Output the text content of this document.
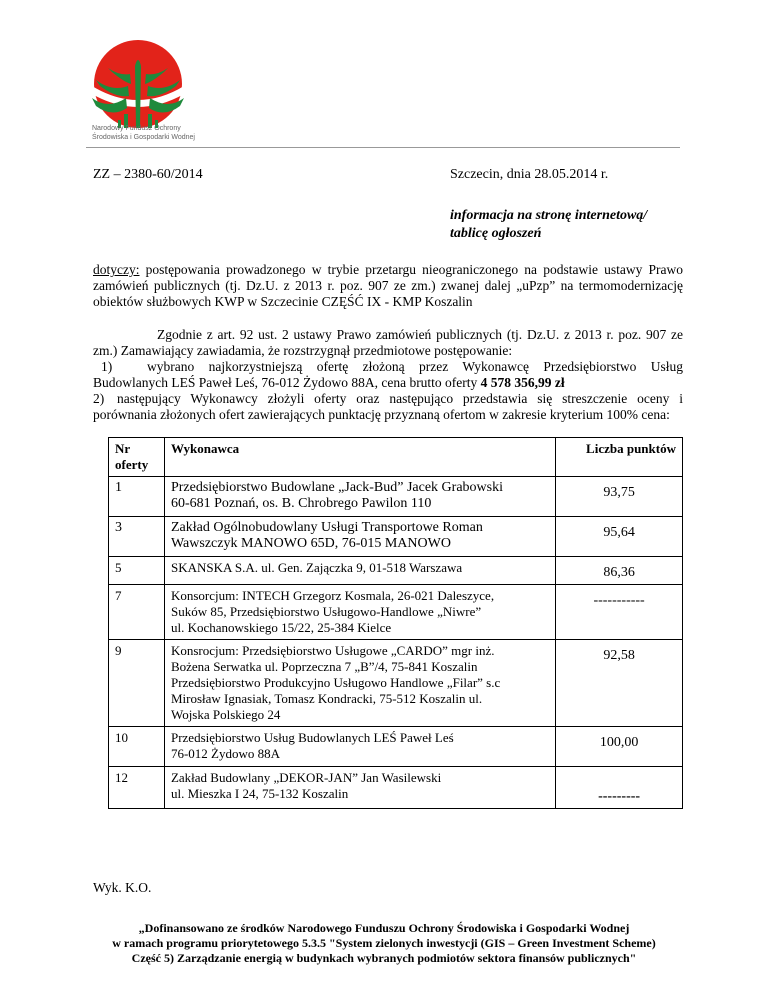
Narodowy Fundusz Ochrony
Środowiska i Gospodarki Wodnej
ZZ – 2380-60/2014	Szczecin, dnia 28.05.2014 r.
informacja na stronę internetową/
tablicę ogłoszeń
dotyczy: postępowania prowadzonego w trybie przetargu nieograniczonego na podstawie ustawy Prawo zamówień publicznych (tj. Dz.U. z 2013 r. poz. 907 ze zm.) zwanej dalej „uPzp” na termomodernizację obiektów służbowych KWP w Szczecinie CZĘŚĆ IX - KMP Koszalin
Zgodnie z art. 92 ust. 2 ustawy Prawo zamówień publicznych (tj. Dz.U. z 2013 r. poz. 907 ze zm.) Zamawiający zawiadamia, że rozstrzygnął przedmiotowe postępowanie:
1)	wybrano najkorzystniejszą ofertę złożoną przez Wykonawcę Przedsiębiorstwo Usług Budowlanych LEŚ Paweł Leś, 76-012 Żydowo 88A, cena brutto oferty 4 578 356,99 zł
2) następujący Wykonawcy złożyli oferty oraz następująco przedstawia się streszczenie oceny i porównania złożonych ofert zawierających punktację przyznaną ofertom w zakresie kryterium 100% cena:
Nr oferty	Wykonawca	Liczba punktów
1	Przedsiębiorstwo Budowlane „Jack-Bud” Jacek Grabowski
60-681 Poznań, os. B. Chrobrego Pawilon 110	93,75
3	Zakład Ogólnobudowlany Usługi Transportowe Roman
Wawszczyk MANOWO 65D, 76-015 MANOWO	95,64
5	SKANSKA S.A. ul. Gen. Zajączka 9, 01-518 Warszawa	86,36
7	Konsorcjum: INTECH Grzegorz Kosmala, 26-021 Daleszyce,
Suków 85, Przedsiębiorstwo Usługowo-Handlowe „Niwre”
ul. Kochanowskiego 15/22, 25-384 Kielce	-----------
9	Konsrocjum: Przedsiębiorstwo Usługowe „CARDO” mgr inż.
Bożena Serwatka ul. Poprzeczna 7 „B”/4, 75-841 Koszalin
Przedsiębiorstwo Produkcyjno Usługowo Handlowe „Filar” s.c
Mirosław Ignasiak, Tomasz Kondracki, 75-512 Koszalin ul.
Wojska Polskiego 24	92,58
10	Przedsiębiorstwo Usług Budowlanych LEŚ Paweł Leś
76-012 Żydowo 88A	100,00
12	Zakład Budowlany „DEKOR-JAN” Jan Wasilewski
ul. Mieszka I 24, 75-132 Koszalin	---------
Wyk. K.O.
„Dofinansowano ze środków Narodowego Funduszu Ochrony Środowiska i Gospodarki Wodnej
w ramach programu priorytetowego 5.3.5 "System zielonych inwestycji (GIS – Green Investment Scheme)
Część 5) Zarządzanie energią w budynkach wybranych podmiotów sektora finansów publicznych"
